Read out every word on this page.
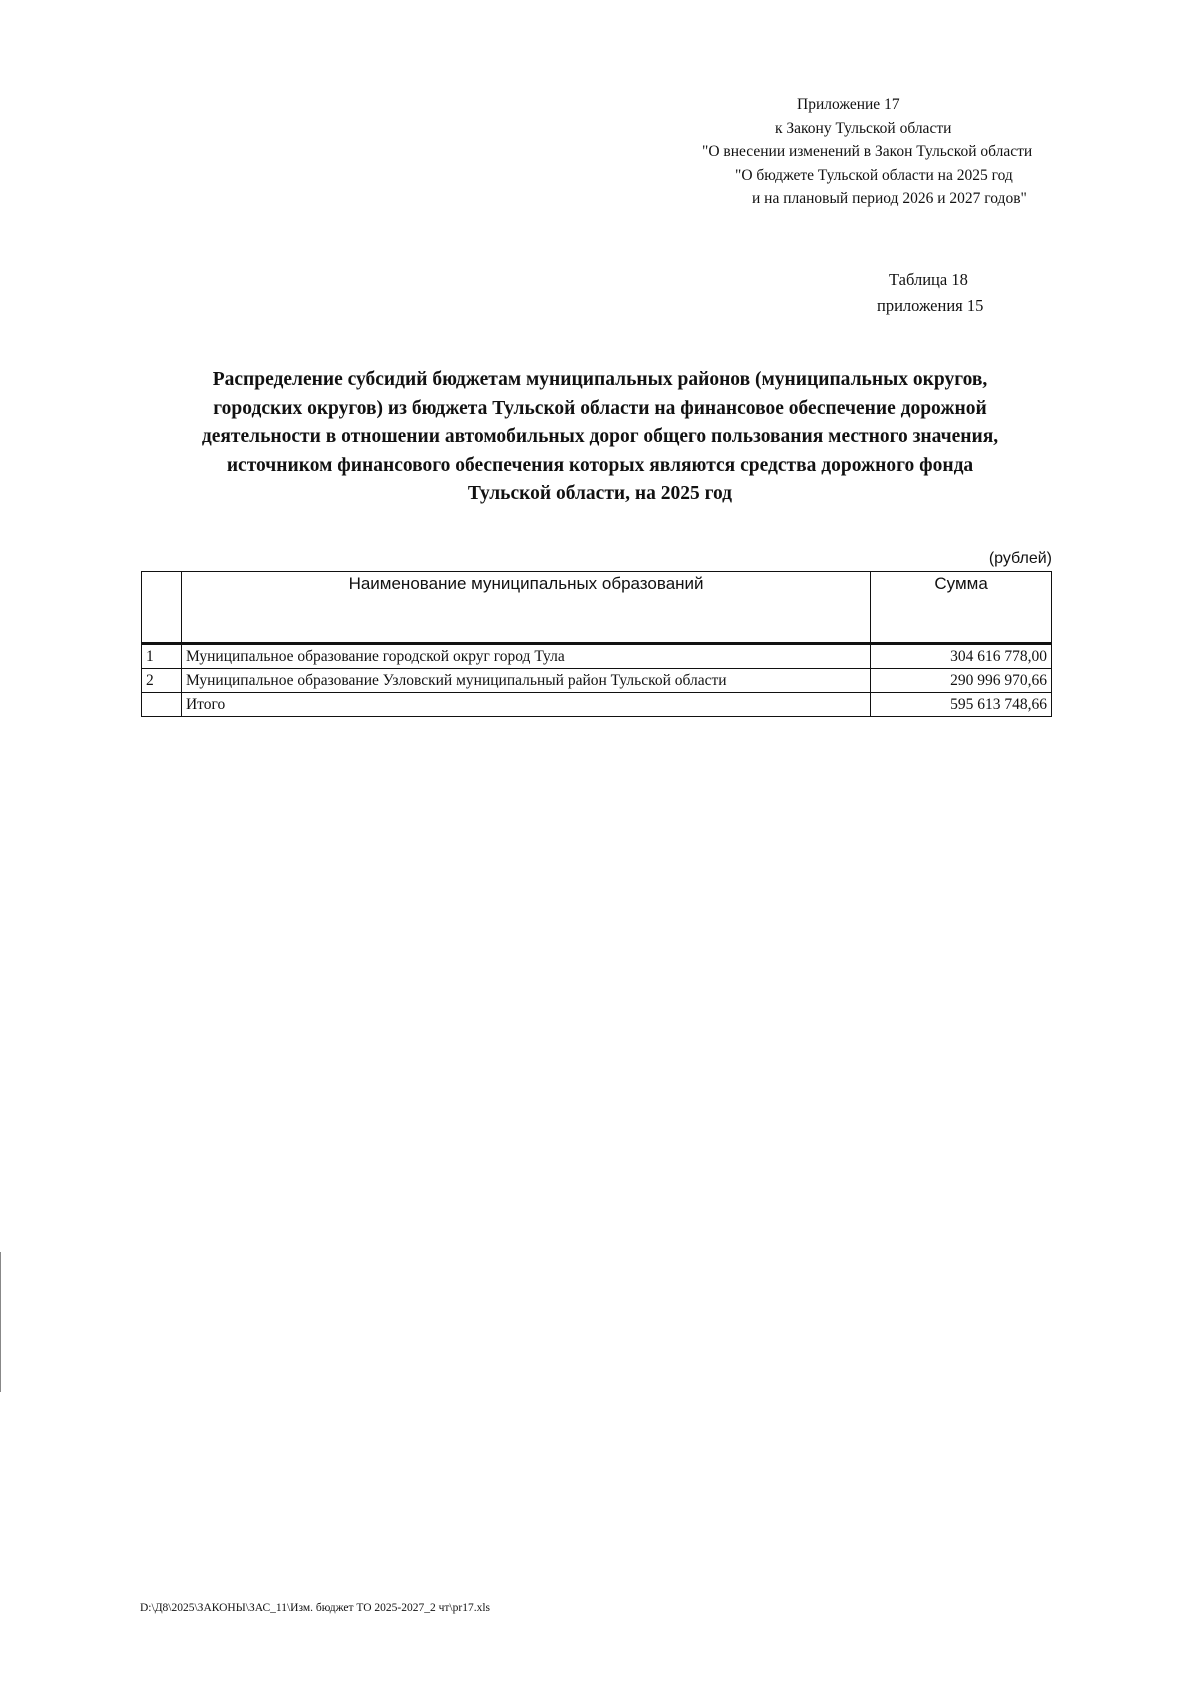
Приложение 17
к Закону Тульской области
"О внесении изменений в Закон Тульской области
"О бюджете Тульской области на 2025 год
и на плановый период 2026 и 2027 годов"
Таблица 18
приложения 15
Распределение субсидий бюджетам муниципальных районов (муниципальных округов,
городских округов) из бюджета Тульской области на финансовое обеспечение дорожной
деятельности в отношении автомобильных дорог общего пользования местного значения,
источником финансового обеспечения которых являются средства дорожного фонда
Тульской области, на 2025 год
(рублей)
	Наименование муниципальных образований	Сумма
1	Муниципальное образование городской округ город Тула	304 616 778,00
2	Муниципальное образование Узловский муниципальный район Тульской области	290 996 970,66
	Итого	595 613 748,66
D:\Д8\2025\ЗАКОНЫ\ЗАС_11\Изм. бюджет ТО 2025-2027_2 чт\pr17.xls
